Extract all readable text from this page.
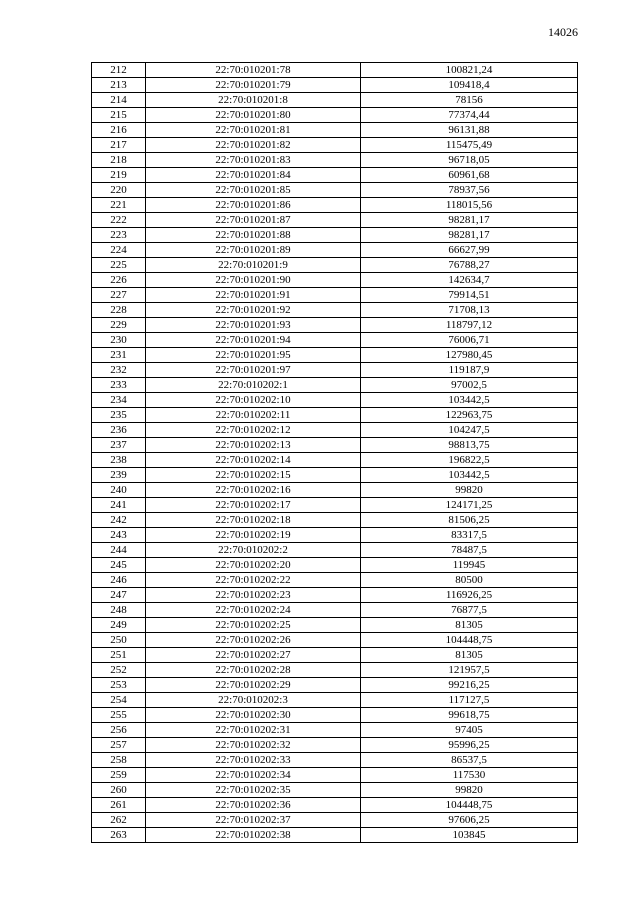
14026
212	22:70:010201:78	100821,24
213	22:70:010201:79	109418,4
214	22:70:010201:8	78156
215	22:70:010201:80	77374,44
216	22:70:010201:81	96131,88
217	22:70:010201:82	115475,49
218	22:70:010201:83	96718,05
219	22:70:010201:84	60961,68
220	22:70:010201:85	78937,56
221	22:70:010201:86	118015,56
222	22:70:010201:87	98281,17
223	22:70:010201:88	98281,17
224	22:70:010201:89	66627,99
225	22:70:010201:9	76788,27
226	22:70:010201:90	142634,7
227	22:70:010201:91	79914,51
228	22:70:010201:92	71708,13
229	22:70:010201:93	118797,12
230	22:70:010201:94	76006,71
231	22:70:010201:95	127980,45
232	22:70:010201:97	119187,9
233	22:70:010202:1	97002,5
234	22:70:010202:10	103442,5
235	22:70:010202:11	122963,75
236	22:70:010202:12	104247,5
237	22:70:010202:13	98813,75
238	22:70:010202:14	196822,5
239	22:70:010202:15	103442,5
240	22:70:010202:16	99820
241	22:70:010202:17	124171,25
242	22:70:010202:18	81506,25
243	22:70:010202:19	83317,5
244	22:70:010202:2	78487,5
245	22:70:010202:20	119945
246	22:70:010202:22	80500
247	22:70:010202:23	116926,25
248	22:70:010202:24	76877,5
249	22:70:010202:25	81305
250	22:70:010202:26	104448,75
251	22:70:010202:27	81305
252	22:70:010202:28	121957,5
253	22:70:010202:29	99216,25
254	22:70:010202:3	117127,5
255	22:70:010202:30	99618,75
256	22:70:010202:31	97405
257	22:70:010202:32	95996,25
258	22:70:010202:33	86537,5
259	22:70:010202:34	117530
260	22:70:010202:35	99820
261	22:70:010202:36	104448,75
262	22:70:010202:37	97606,25
263	22:70:010202:38	103845
